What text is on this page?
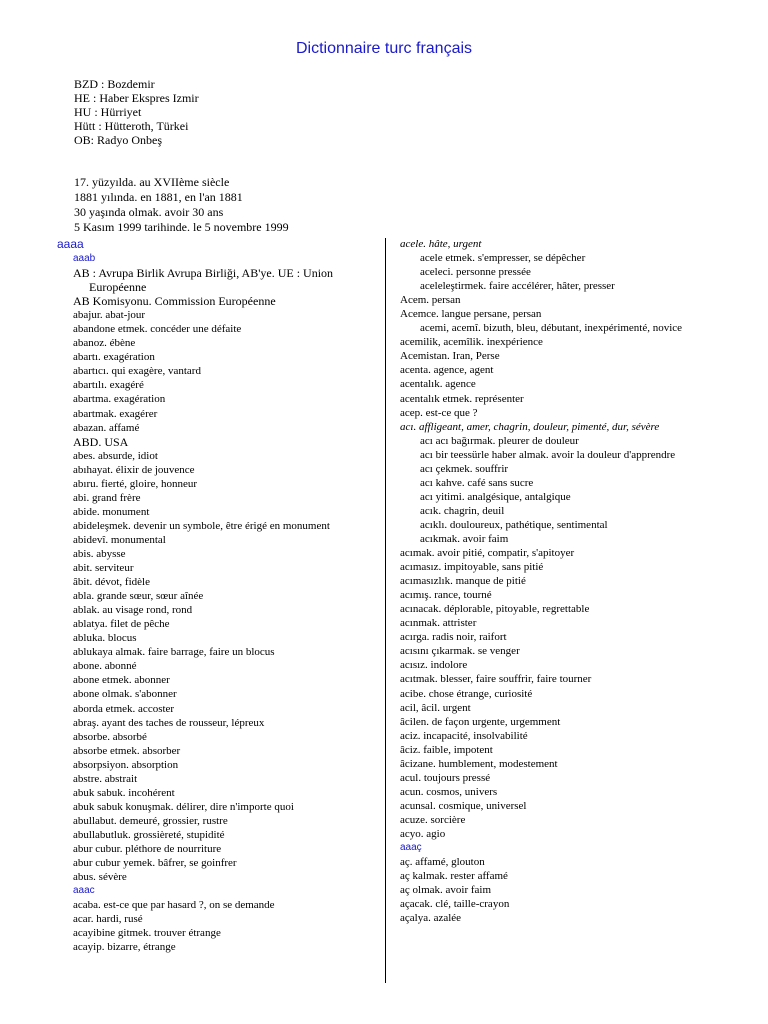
Dictionnaire turc français
BZD : Bozdemir
HE : Haber Ekspres Izmir
HU : Hürriyet
Hütt : Hütteroth, Türkei
OB: Radyo Onbeş
17. yüzyılda. au XVIIème siècle
1881 yılında. en 1881, en l'an 1881
30 yaşında olmak. avoir 30 ans
5 Kasım 1999 tarihinde. le 5 novembre 1999
aaaa
aaab
AB : Avrupa Birlik Avrupa Birliği, AB'ye. UE : Union Européenne
AB Komisyonu. Commission Européenne
abajur. abat-jour
abandone etmek. concéder une défaite
abanoz. ébène
abartı. exagération
abartıcı. qui exagère, vantard
abartılı. exagéré
abartma. exagération
abartmak. exagérer
abazan. affamé
ABD. USA
abes. absurde, idiot
abıhayat. élixir de jouvence
abıru. fierté, gloire, honneur
abi. grand frère
abide. monument
abideleşmek. devenir un symbole, être érigé en monument
abidevî. monumental
abis. abysse
abit. serviteur
âbit. dévot, fidèle
abla. grande sœur, sœur aînée
ablak. au visage rond, rond
ablatya. filet de pêche
abluka. blocus
ablukaya almak. faire barrage, faire un blocus
abone. abonné
abone etmek. abonner
abone olmak. s'abonner
aborda etmek. accoster
abraş. ayant des taches de rousseur, lépreux
absorbe. absorbé
absorbe etmek. absorber
absorpsiyon. absorption
abstre. abstrait
abuk sabuk. incohérent
abuk sabuk konuşmak. délirer, dire n'importe quoi
abullabut. demeuré, grossier, rustre
abullabutluk. grossièreté, stupidité
abur cubur. pléthore de nourriture
abur cubur yemek. bâfrer, se goinfrer
abus. sévère
aaac
acaba. est-ce que par hasard ?, on se demande
acar. hardi, rusé
acayibine gitmek. trouver étrange
acayip. bizarre, étrange
acele. hâte, urgent
acele etmek. s'empresser, se dépêcher
aceleci. personne pressée
aceleleştirmek. faire accélérer, hâter, presser
Acem. persan
Acemce. langue persane, persan
acemi, acemî. bizuth, bleu, débutant, inexpérimenté, novice
acemilik, acemîlik. inexpérience
Acemistan. Iran, Perse
acenta. agence, agent
acentalık. agence
acentalık etmek. représenter
acep. est-ce que ?
acı. affligeant, amer, chagrin, douleur, pimenté, dur, sévère
acı acı bağırmak. pleurer de douleur
acı bir teessürle haber almak. avoir la douleur d'apprendre
acı çekmek. souffrir
acı kahve. café sans sucre
acı yitimi. analgésique, antalgique
acık. chagrin, deuil
acıklı. douloureux, pathétique, sentimental
acıkmak. avoir faim
acımak. avoir pitié, compatir, s'apitoyer
acımasız. impitoyable, sans pitié
acımasızlık. manque de pitié
acımış. rance, tourné
acınacak. déplorable, pitoyable, regrettable
acınmak. attrister
acırga. radis noir, raifort
acısını çıkarmak. se venger
acısız. indolore
acıtmak. blesser, faire souffrir, faire tourner
acibe. chose étrange, curiosité
acil, âcil. urgent
âcilen. de façon urgente, urgemment
aciz. incapacité, insolvabilité
âciz. faible, impotent
âcizane. humblement, modestement
acul. toujours pressé
acun. cosmos, univers
acunsal. cosmique, universel
acuze. sorcière
acyo. agio
aaaç
aç. affamé, glouton
aç kalmak. rester affamé
aç olmak. avoir faim
açacak. clé, taille-crayon
açalya. azalée
